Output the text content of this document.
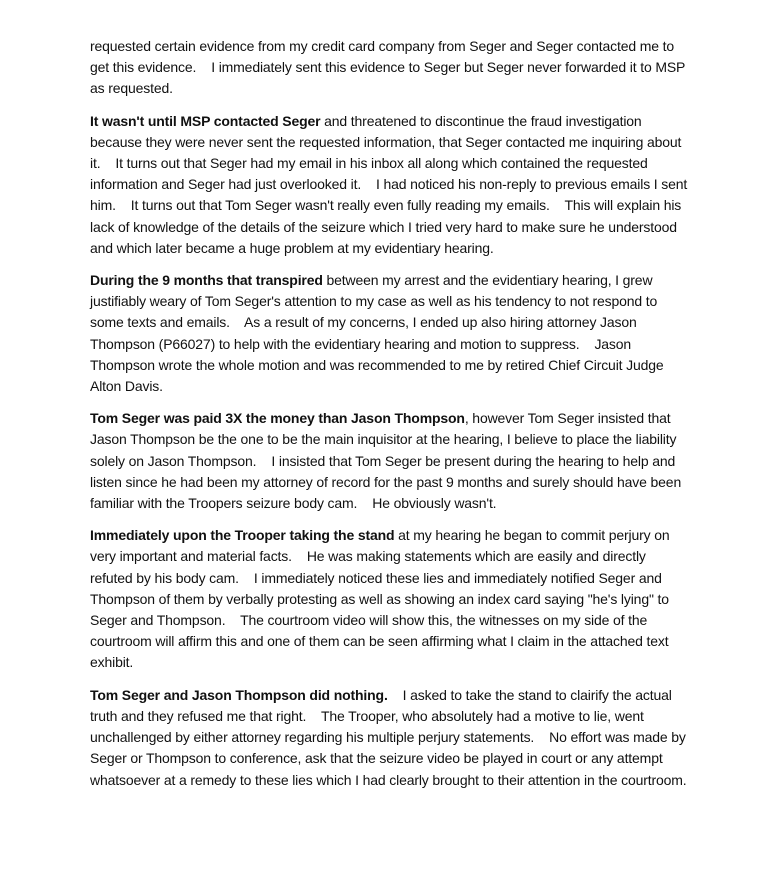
requested certain evidence from my credit card company from Seger and Seger contacted me to get this evidence.    I immediately sent this evidence to Seger but Seger never forwarded it to MSP as requested.

It wasn't until MSP contacted Seger and threatened to discontinue the fraud investigation because they were never sent the requested information, that Seger contacted me inquiring about it.    It turns out that Seger had my email in his inbox all along which contained the requested information and Seger had just overlooked it.    I had noticed his non-reply to previous emails I sent him.    It turns out that Tom Seger wasn't really even fully reading my emails.    This will explain his lack of knowledge of the details of the seizure which I tried very hard to make sure he understood and which later became a huge problem at my evidentiary hearing.

During the 9 months that transpired between my arrest and the evidentiary hearing, I grew justifiably weary of Tom Seger's attention to my case as well as his tendency to not respond to some texts and emails.    As a result of my concerns, I ended up also hiring attorney Jason Thompson (P66027) to help with the evidentiary hearing and motion to suppress.    Jason Thompson wrote the whole motion and was recommended to me by retired Chief Circuit Judge Alton Davis.

Tom Seger was paid 3X the money than Jason Thompson, however Tom Seger insisted that Jason Thompson be the one to be the main inquisitor at the hearing, I believe to place the liability solely on Jason Thompson.    I insisted that Tom Seger be present during the hearing to help and listen since he had been my attorney of record for the past 9 months and surely should have been familiar with the Troopers seizure body cam.    He obviously wasn't.

Immediately upon the Trooper taking the stand at my hearing he began to commit perjury on very important and material facts.    He was making statements which are easily and directly refuted by his body cam.    I immediately noticed these lies and immediately notified Seger and Thompson of them by verbally protesting as well as showing an index card saying "he's lying" to Seger and Thompson.    The courtroom video will show this, the witnesses on my side of the courtroom will affirm this and one of them can be seen affirming what I claim in the attached text exhibit.

Tom Seger and Jason Thompson did nothing.    I asked to take the stand to clairify the actual truth and they refused me that right.    The Trooper, who absolutely had a motive to lie, went unchallenged by either attorney regarding his multiple perjury statements.    No effort was made by Seger or Thompson to conference, ask that the seizure video be played in court or any attempt whatsoever at a remedy to these lies which I had clearly brought to their attention in the courtroom.
